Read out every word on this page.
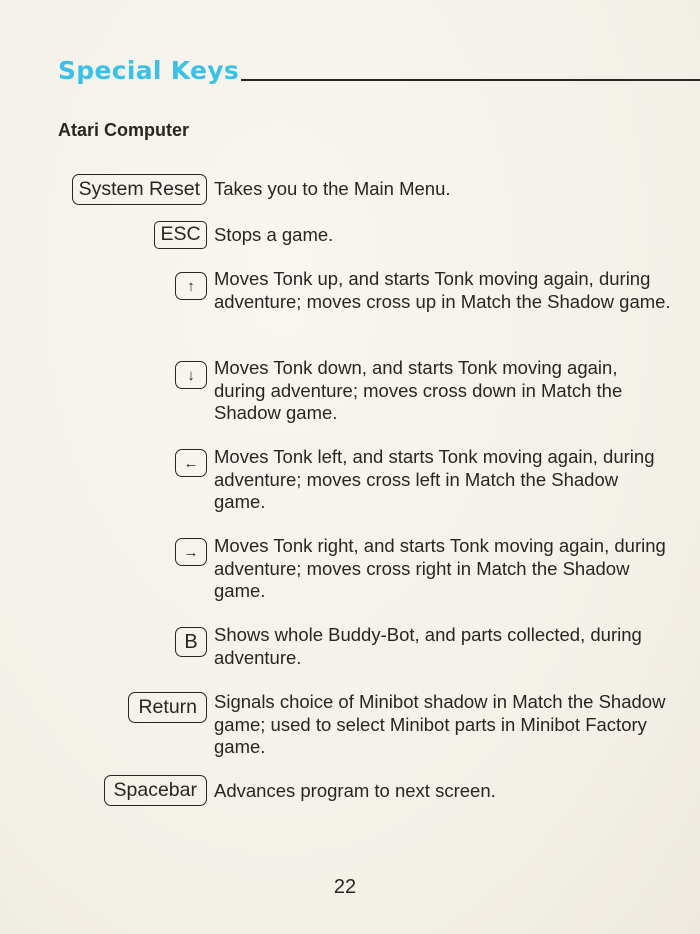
Special Keys
Atari Computer
System Reset Takes you to the Main Menu.
ESC Stops a game.
↑	Moves Tonk up, and starts Tonk moving again, during adventure; moves cross up in Match the Shadow game.
↓	Moves Tonk down, and starts Tonk moving again, during adventure; moves cross down in Match the Shadow game.
← Moves Tonk left, and starts Tonk moving again, during adventure; moves cross left in Match the Shadow game.
→ Moves Tonk right, and starts Tonk moving again, during adventure; moves cross right in Match the Shadow game.
B Shows whole Buddy-Bot, and parts collected, during adventure.
Return Signals choice of Minibot shadow in Match the Shadow game; used to select Minibot parts in Minibot Factory game.
Spacebar Advances program to next screen.
22
